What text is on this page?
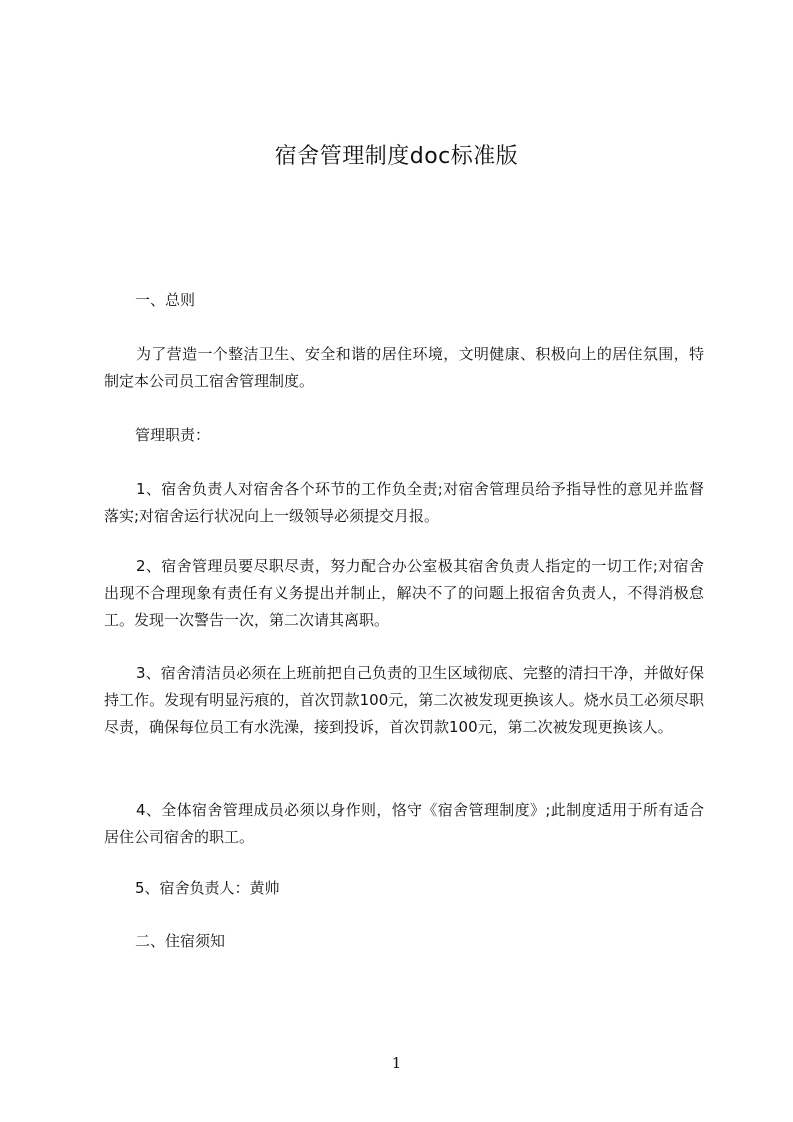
宿舍管理制度doc标准版
一、总则
为了营造一个整洁卫生、安全和谐的居住环境，文明健康、积极向上的居住氛围，特制定本公司员工宿舍管理制度。
管理职责：
1、宿舍负责人对宿舍各个环节的工作负全责;对宿舍管理员给予指导性的意见并监督落实;对宿舍运行状况向上一级领导必须提交月报。
2、宿舍管理员要尽职尽责，努力配合办公室极其宿舍负责人指定的一切工作;对宿舍出现不合理现象有责任有义务提出并制止，解决不了的问题上报宿舍负责人，不得消极怠工。发现一次警告一次，第二次请其离职。
3、宿舍清洁员必须在上班前把自己负责的卫生区域彻底、完整的清扫干净，并做好保持工作。发现有明显污痕的，首次罚款100元，第二次被发现更换该人。烧水员工必须尽职尽责，确保每位员工有水洗澡，接到投诉，首次罚款100元，第二次被发现更换该人。
4、全体宿舍管理成员必须以身作则，恪守《宿舍管理制度》;此制度适用于所有适合居住公司宿舍的职工。
5、宿舍负责人：黄帅
二、住宿须知
1
